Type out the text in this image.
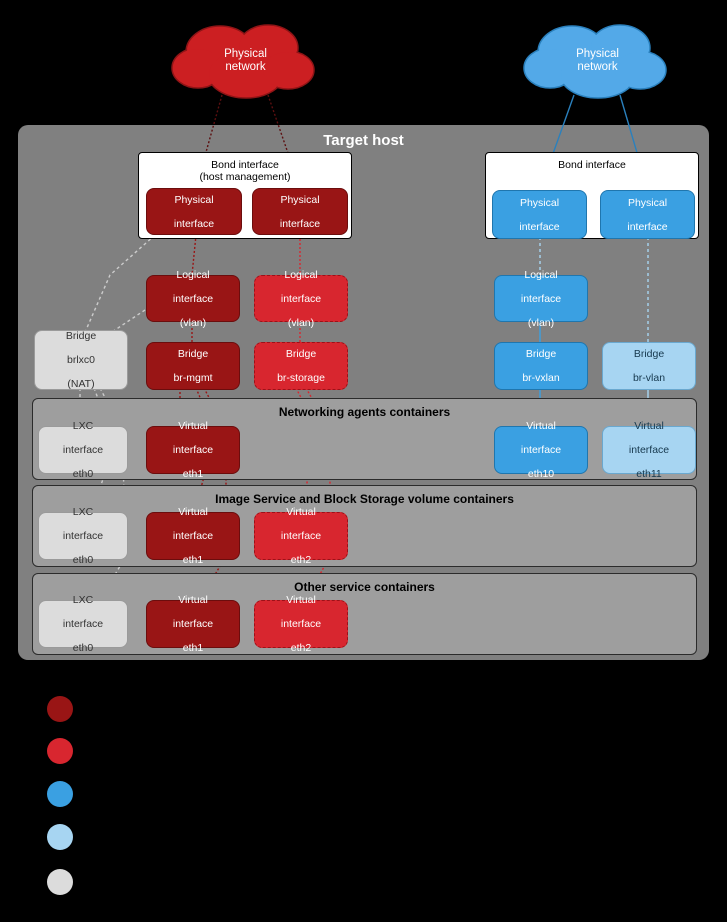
Physical
network
Physical
network
Target host
Bond interface
(host management)
Bond interface
Physical

interface
Physical

interface
Physical

interface
Physical

interface
Logical

interface

(vlan)
Logical

interface

(vlan)
Logical

interface

(vlan)
Bridge

brlxc0

(NAT)
Bridge

br-mgmt
Bridge

br-storage
Bridge

br-vxlan
Bridge

br-vlan
Networking agents containers
LXC

interface

eth0
Virtual

interface

eth1
Virtual

interface

eth10
Virtual

interface

eth11
Image Service and Block Storage volume containers
LXC

interface

eth0
Virtual

interface

eth1
Virtual

interface

eth2
Other service containers
LXC

interface

eth0
Virtual

interface

eth1
Virtual

interface

eth2
